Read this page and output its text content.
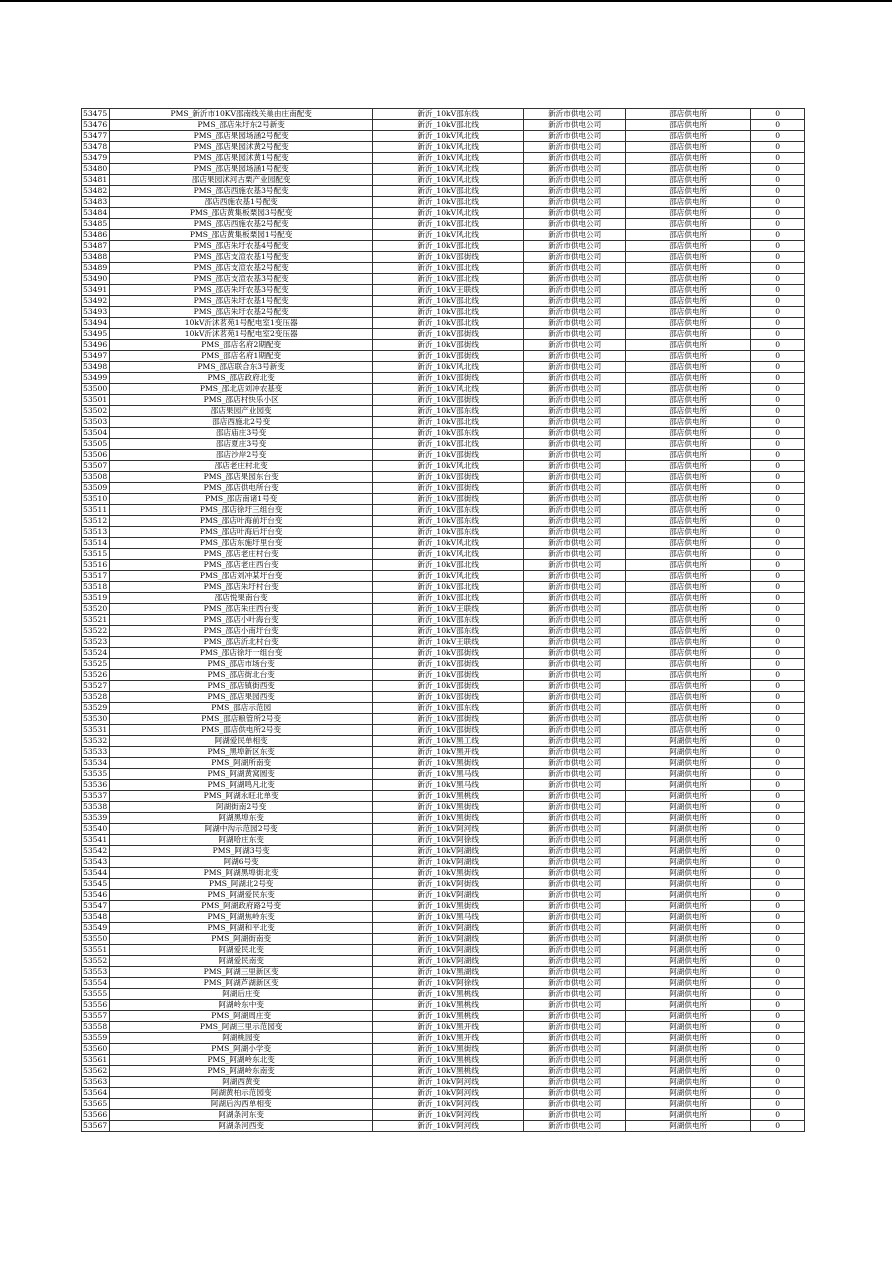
53475	PMS_新沂市10KV邵南线关巢由庄南配变	新沂_10kV邵东线	新沂市供电公司	邵店供电所	0
53476	PMS_邵店朱圩东2号新变	新沂_10kV邵北线	新沂市供电公司	邵店供电所	0
53477	PMS_邵店果园场涵2号配变	新沂_10kV风北线	新沂市供电公司	邵店供电所	0
53478	PMS_邵店果园沭黄2号配变	新沂_10kV风北线	新沂市供电公司	邵店供电所	0
53479	PMS_邵店果园沭黄1号配变	新沂_10kV风北线	新沂市供电公司	邵店供电所	0
53480	PMS_邵店果园场涵1号配变	新沂_10kV风北线	新沂市供电公司	邵店供电所	0
53481	邵店果园沭河古栗产业园配变	新沂_10kV风北线	新沂市供电公司	邵店供电所	0
53482	PMS_邵店西施农基3号配变	新沂_10kV邵北线	新沂市供电公司	邵店供电所	0
53483	邵店西施农基1号配变	新沂_10kV邵北线	新沂市供电公司	邵店供电所	0
53484	PMS_邵店黄集板栗园3号配变	新沂_10kV风北线	新沂市供电公司	邵店供电所	0
53485	PMS_邵店西施农基2号配变	新沂_10kV邵北线	新沂市供电公司	邵店供电所	0
53486	PMS_邵店黄集板栗园1号配变	新沂_10kV风北线	新沂市供电公司	邵店供电所	0
53487	PMS_邵店朱圩农基4号配变	新沂_10kV邵北线	新沂市供电公司	邵店供电所	0
53488	PMS_邵店支渲农基1号配变	新沂_10kV邵街线	新沂市供电公司	邵店供电所	0
53489	PMS_邵店支渲农基2号配变	新沂_10kV邵北线	新沂市供电公司	邵店供电所	0
53490	PMS_邵店支渲农基3号配变	新沂_10kV邵北线	新沂市供电公司	邵店供电所	0
53491	PMS_邵店朱圩农基3号配变	新沂_10kV王联线	新沂市供电公司	邵店供电所	0
53492	PMS_邵店朱圩农基1号配变	新沂_10kV邵北线	新沂市供电公司	邵店供电所	0
53493	PMS_邵店朱圩农基2号配变	新沂_10kV邵北线	新沂市供电公司	邵店供电所	0
53494	10kV沂沭茗苑1号配电室1变压器	新沂_10kV邵北线	新沂市供电公司	邵店供电所	0
53495	10kV沂沭茗苑1号配电室2变压器	新沂_10kV邵街线	新沂市供电公司	邵店供电所	0
53496	PMS_邵店名府2期配变	新沂_10kV邵街线	新沂市供电公司	邵店供电所	0
53497	PMS_邵店名府1期配变	新沂_10kV邵街线	新沂市供电公司	邵店供电所	0
53498	PMS_邵店联合东3号新变	新沂_10kV风北线	新沂市供电公司	邵店供电所	0
53499	PMS_邵店政府北变	新沂_10kV邵街线	新沂市供电公司	邵店供电所	0
53500	PMS_邵北店刘冲农基变	新沂_10kV风北线	新沂市供电公司	邵店供电所	0
53501	PMS_邵店村快乐小区	新沂_10kV邵街线	新沂市供电公司	邵店供电所	0
53502	邵店果园产业园变	新沂_10kV邵东线	新沂市供电公司	邵店供电所	0
53503	邵店西施北2号变	新沂_10kV邵北线	新沂市供电公司	邵店供电所	0
53504	邵店庙庄3号变	新沂_10kV邵东线	新沂市供电公司	邵店供电所	0
53505	邵店夏庄3号变	新沂_10kV邵北线	新沂市供电公司	邵店供电所	0
53506	邵店沙岸2号变	新沂_10kV邵街线	新沂市供电公司	邵店供电所	0
53507	邵店老庄村北变	新沂_10kV风北线	新沂市供电公司	邵店供电所	0
53508	PMS_邵店果园东台变	新沂_10kV邵街线	新沂市供电公司	邵店供电所	0
53509	PMS_邵店供电所台变	新沂_10kV邵街线	新沂市供电公司	邵店供电所	0
53510	PMS_邵店南诸1号变	新沂_10kV邵街线	新沂市供电公司	邵店供电所	0
53511	PMS_邵店徐圩三组台变	新沂_10kV邵东线	新沂市供电公司	邵店供电所	0
53512	PMS_邵店叶海前圩台变	新沂_10kV邵东线	新沂市供电公司	邵店供电所	0
53513	PMS_邵店叶海后圩台变	新沂_10kV邵东线	新沂市供电公司	邵店供电所	0
53514	PMS_邵店东施圩里台变	新沂_10kV风北线	新沂市供电公司	邵店供电所	0
53515	PMS_邵店老庄村台变	新沂_10kV风北线	新沂市供电公司	邵店供电所	0
53516	PMS_邵店老庄西台变	新沂_10kV邵北线	新沂市供电公司	邵店供电所	0
53517	PMS_邵店刘冲某圩台变	新沂_10kV风北线	新沂市供电公司	邵店供电所	0
53518	PMS_邵店朱圩村台变	新沂_10kV邵北线	新沂市供电公司	邵店供电所	0
53519	邵店悦果南台变	新沂_10kV邵北线	新沂市供电公司	邵店供电所	0
53520	PMS_邵店朱庄西台变	新沂_10kV王联线	新沂市供电公司	邵店供电所	0
53521	PMS_邵店小叶海台变	新沂_10kV邵东线	新沂市供电公司	邵店供电所	0
53522	PMS_邵店小南圩台变	新沂_10kV邵东线	新沂市供电公司	邵店供电所	0
53523	PMS_邵店沂北村台变	新沂_10kV王联线	新沂市供电公司	邵店供电所	0
53524	PMS_邵店徐圩一组台变	新沂_10kV邵街线	新沂市供电公司	邵店供电所	0
53525	PMS_邵店市场台变	新沂_10kV邵街线	新沂市供电公司	邵店供电所	0
53526	PMS_邵店街北台变	新沂_10kV邵街线	新沂市供电公司	邵店供电所	0
53527	PMS_邵店镇街西变	新沂_10kV邵街线	新沂市供电公司	邵店供电所	0
53528	PMS_邵店果园西变	新沂_10kV邵街线	新沂市供电公司	邵店供电所	0
53529	PMS_邵店示范园	新沂_10kV邵东线	新沂市供电公司	邵店供电所	0
53530	PMS_邵店粮管所2号变	新沂_10kV邵街线	新沂市供电公司	邵店供电所	0
53531	PMS_邵店供电所2号变	新沂_10kV邵街线	新沂市供电公司	邵店供电所	0
53532	阿湖爱民单相变	新沂_10kV黑工线	新沂市供电公司	阿湖供电所	0
53533	PMS_黑埠新区东变	新沂_10kV黑开线	新沂市供电公司	阿湖供电所	0
53534	PMS_阿湖所南变	新沂_10kV黑街线	新沂市供电公司	阿湖供电所	0
53535	PMS_阿湖黄窝圆变	新沂_10kV黑马线	新沂市供电公司	阿湖供电所	0
53536	PMS_阿湖鸣凡北变	新沂_10kV黑马线	新沂市供电公司	阿湖供电所	0
53537	PMS_阿湖永旺北单变	新沂_10kV黑桃线	新沂市供电公司	阿湖供电所	0
53538	阿湖街南2号变	新沂_10kV黑街线	新沂市供电公司	阿湖供电所	0
53539	阿湖黑埠东变	新沂_10kV黑街线	新沂市供电公司	阿湖供电所	0
53540	阿湖中沟示范园2号变	新沂_10kV阿河线	新沂市供电公司	阿湖供电所	0
53541	阿湖哈庄东变	新沂_10kV阿徐线	新沂市供电公司	阿湖供电所	0
53542	PMS_阿湖3号变	新沂_10kV阿湖线	新沂市供电公司	阿湖供电所	0
53543	阿湖6号变	新沂_10kV阿湖线	新沂市供电公司	阿湖供电所	0
53544	PMS_阿湖黑埠街北变	新沂_10kV黑街线	新沂市供电公司	阿湖供电所	0
53545	PMS_阿湖北2号变	新沂_10kV阿街线	新沂市供电公司	阿湖供电所	0
53546	PMS_阿湖爱民东变	新沂_10kV阿湖线	新沂市供电公司	阿湖供电所	0
53547	PMS_阿湖政府路2号变	新沂_10kV黑街线	新沂市供电公司	阿湖供电所	0
53548	PMS_阿湖焦岭东变	新沂_10kV黑马线	新沂市供电公司	阿湖供电所	0
53549	PMS_阿湖和平北变	新沂_10kV阿湖线	新沂市供电公司	阿湖供电所	0
53550	PMS_阿湖街南变	新沂_10kV阿湖线	新沂市供电公司	阿湖供电所	0
53551	阿湖爱民北变	新沂_10kV阿湖线	新沂市供电公司	阿湖供电所	0
53552	阿湖爱民南变	新沂_10kV阿湖线	新沂市供电公司	阿湖供电所	0
53553	PMS_阿湖三里新区变	新沂_10kV黑湖线	新沂市供电公司	阿湖供电所	0
53554	PMS_阿湖芦湖新区变	新沂_10kV阿徐线	新沂市供电公司	阿湖供电所	0
53555	阿湖后庄变	新沂_10kV黑桃线	新沂市供电公司	阿湖供电所	0
53556	阿湖岭东中变	新沂_10kV黑桃线	新沂市供电公司	阿湖供电所	0
53557	PMS_阿湖周庄变	新沂_10kV黑桃线	新沂市供电公司	阿湖供电所	0
53558	PMS_阿湖三里示范园变	新沂_10kV黑开线	新沂市供电公司	阿湖供电所	0
53559	阿湖桃园变	新沂_10kV黑开线	新沂市供电公司	阿湖供电所	0
53560	PMS_阿湖小学变	新沂_10kV黑街线	新沂市供电公司	阿湖供电所	0
53561	PMS_阿湖岭东北变	新沂_10kV黑桃线	新沂市供电公司	阿湖供电所	0
53562	PMS_阿湖岭东南变	新沂_10kV黑桃线	新沂市供电公司	阿湖供电所	0
53563	阿湖西黄变	新沂_10kV阿河线	新沂市供电公司	阿湖供电所	0
53564	阿湖黄柏示范园变	新沂_10kV阿河线	新沂市供电公司	阿湖供电所	0
53565	阿湖后沟西单相变	新沂_10kV阿河线	新沂市供电公司	阿湖供电所	0
53566	阿湖条河东变	新沂_10kV阿河线	新沂市供电公司	阿湖供电所	0
53567	阿湖条河西变	新沂_10kV阿河线	新沂市供电公司	阿湖供电所	0
